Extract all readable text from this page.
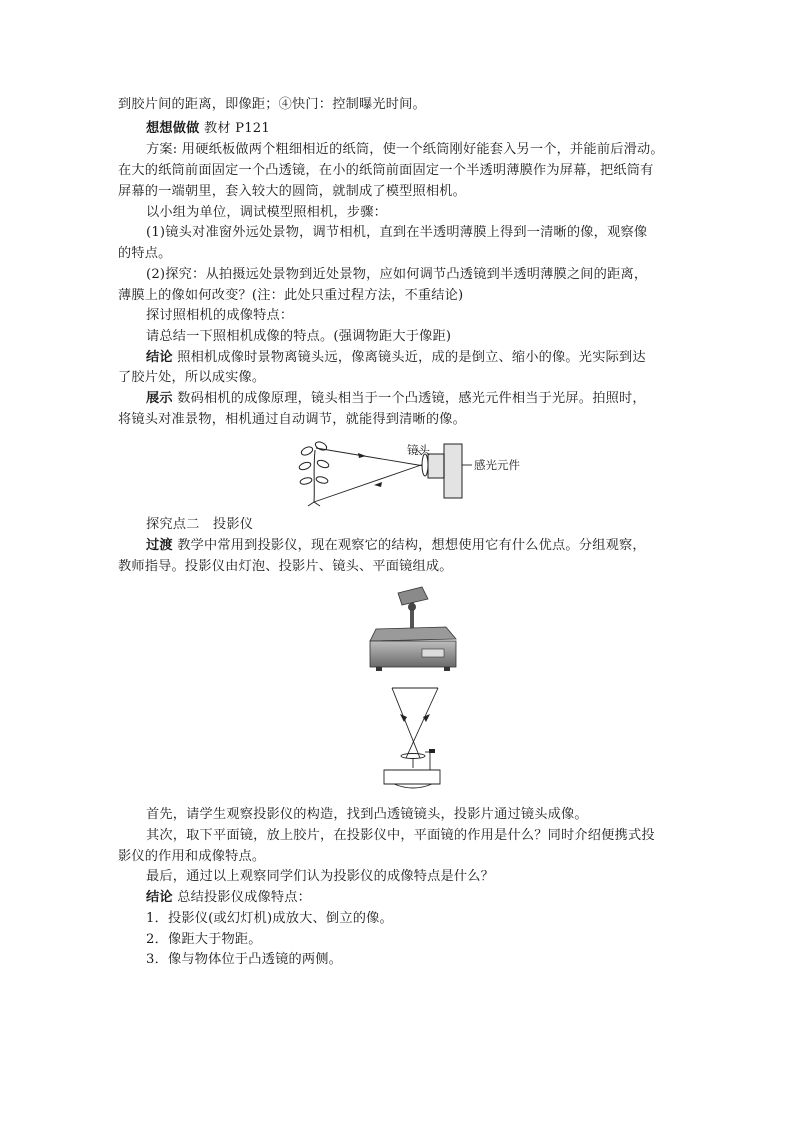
到胶片间的距离，即像距；④快门：控制曝光时间。
想想做做 教材 P121
方案: 用硬纸板做两个粗细相近的纸筒，使一个纸筒刚好能套入另一个，并能前后滑动。
在大的纸筒前面固定一个凸透镜，在小的纸筒前面固定一个半透明薄膜作为屏幕，把纸筒有
屏幕的一端朝里，套入较大的圆筒，就制成了模型照相机。
以小组为单位，调试模型照相机，步骤：
(1)镜头对准窗外远处景物，调节相机，直到在半透明薄膜上得到一清晰的像，观察像
的特点。
(2)探究：从拍摄远处景物到近处景物，应如何调节凸透镜到半透明薄膜之间的距离，
薄膜上的像如何改变？(注：此处只重过程方法，不重结论)
探讨照相机的成像特点：
请总结一下照相机成像的特点。(强调物距大于像距)
结论 照相机成像时景物离镜头远，像离镜头近，成的是倒立、缩小的像。光实际到达
了胶片处，所以成实像。
展示 数码相机的成像原理，镜头相当于一个凸透镜，感光元件相当于光屏。拍照时，
将镜头对准景物，相机通过自动调节，就能得到清晰的像。
镜头
感光元件
探究点二　投影仪
过渡 教学中常用到投影仪，现在观察它的结构，想想使用它有什么优点。分组观察，
教师指导。投影仪由灯泡、投影片、镜头、平面镜组成。
首先，请学生观察投影仪的构造，找到凸透镜镜头，投影片通过镜头成像。
其次，取下平面镜，放上胶片，在投影仪中，平面镜的作用是什么？同时介绍便携式投
影仪的作用和成像特点。
最后，通过以上观察同学们认为投影仪的成像特点是什么？
结论 总结投影仪成像特点：
1．投影仪(或幻灯机)成放大、倒立的像。
2．像距大于物距。
3．像与物体位于凸透镜的两侧。
